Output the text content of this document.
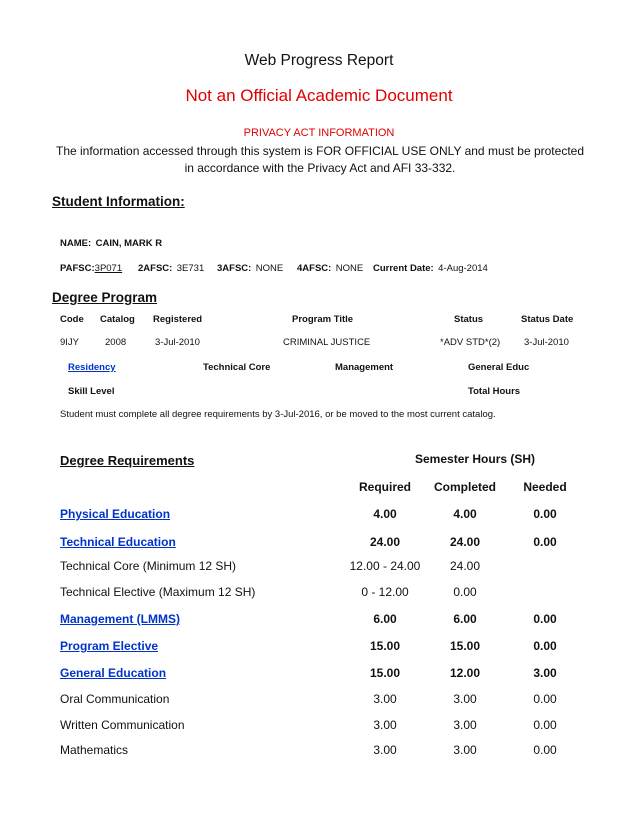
Web Progress Report
Not an Official Academic Document
PRIVACY ACT INFORMATION
The information accessed through this system is FOR OFFICIAL USE ONLY and must be protected in accordance with the Privacy Act and AFI 33-332.
Student Information:
NAME: CAIN, MARK R
PAFSC:3P071 2AFSC: 3E731 3AFSC: NONE 4AFSC: NONE Current Date: 4-Aug-2014
Degree Program
Code Catalog Registered	Program Title	Status	Status Date
9IJY	2008	3-Jul-2010	CRIMINAL JUSTICE	*ADV STD*(2)	3-Jul-2010
Residency	Technical Core	Management	General Educ
Skill Level	Total Hours
Student must complete all degree requirements by 3-Jul-2016, or be moved to the most current catalog.
Degree Requirements	Semester Hours (SH)
Required	Completed	Needed
Physical Education	4.00	4.00	0.00
Technical Education	24.00	24.00	0.00
Technical Core (Minimum 12 SH)	12.00 - 24.00	24.00
Technical Elective (Maximum 12 SH)	0 - 12.00	0.00
Management (LMMS)	6.00	6.00	0.00
Program Elective	15.00	15.00	0.00
General Education	15.00	12.00	3.00
Oral Communication	3.00	3.00	0.00
Written Communication	3.00	3.00	0.00
Mathematics	3.00	3.00	0.00
